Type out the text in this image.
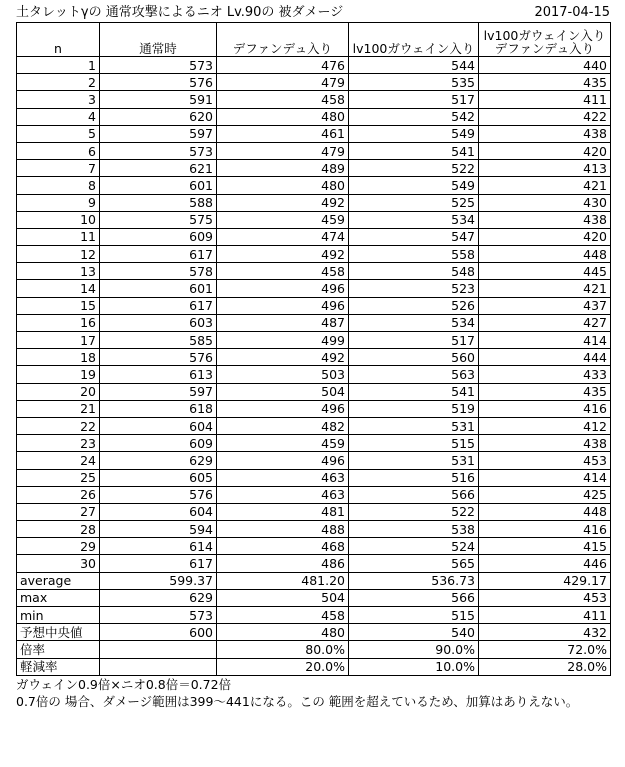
土タレットγの 通常攻撃によるニオ Lv.90の 被ダメージ	2017-04-15
n	通常時	デファンデュ入り	lv100ガウェイン入り	lv100ガウェイン入り
デファンデュ入り

1	573	476	544	440
2	576	479	535	435
3	591	458	517	411
4	620	480	542	422
5	597	461	549	438
6	573	479	541	420
7	621	489	522	413
8	601	480	549	421
9	588	492	525	430
10	575	459	534	438
11	609	474	547	420
12	617	492	558	448
13	578	458	548	445
14	601	496	523	421
15	617	496	526	437
16	603	487	534	427
17	585	499	517	414
18	576	492	560	444
19	613	503	563	433
20	597	504	541	435
21	618	496	519	416
22	604	482	531	412
23	609	459	515	438
24	629	496	531	453
25	605	463	516	414
26	576	463	566	425
27	604	481	522	448
28	594	488	538	416
29	614	468	524	415
30	617	486	565	446
average	599.37	481.20	536.73	429.17
max	629	504	566	453
min	573	458	515	411
予想中央値	600	480	540	432
倍率		80.0%	90.0%	72.0%
軽減率		20.0%	10.0%	28.0%
ガウェイン0.9倍×ニオ0.8倍＝0.72倍
0.7倍の 場合、ダメージ範囲は399～441になる。この 範囲を超えているため、加算はありえない。
